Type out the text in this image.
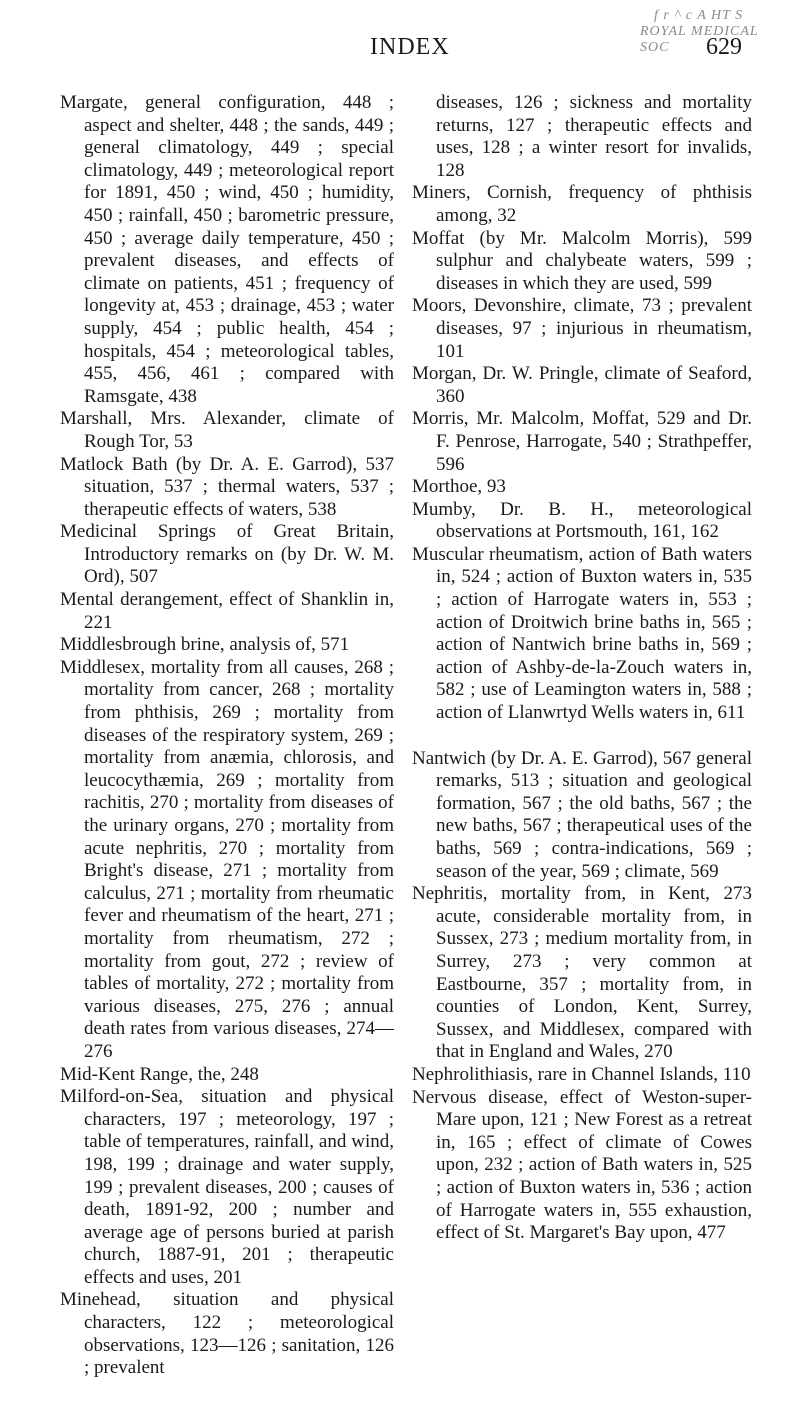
f r ^ c A HT S
ROYAL MEDICAL SOC
INDEX	629

Margate, general configuration, 448 ; aspect and shelter, 448 ; the sands, 449 ; general climatology, 449 ; special climatology, 449 ; meteorological report for 1891, 450 ; wind, 450 ; humidity, 450 ; rainfall, 450 ; barometric pressure, 450 ; average daily temperature, 450 ; prevalent diseases, and effects of climate on patients, 451 ; frequency of longevity at, 453 ; drainage, 453 ; water supply, 454 ; public health, 454 ; hospitals, 454 ; meteorological tables, 455, 456, 461 ; compared with Ramsgate, 438

Marshall, Mrs. Alexander, climate of Rough Tor, 53

Matlock Bath (by Dr. A. E. Garrod), 537 situation, 537 ; thermal waters, 537 ; therapeutic effects of waters, 538

Medicinal Springs of Great Britain, Introductory remarks on (by Dr. W. M. Ord), 507

Mental derangement, effect of Shanklin in, 221

Middlesbrough brine, analysis of, 571

Middlesex, mortality from all causes, 268 ; mortality from cancer, 268 ; mortality from phthisis, 269 ; mortality from diseases of the respiratory system, 269 ; mortality from anæmia, chlorosis, and leucocythæmia, 269 ; mortality from rachitis, 270 ; mortality from diseases of the urinary organs, 270 ; mortality from acute nephritis, 270 ; mortality from Bright's disease, 271 ; mortality from calculus, 271 ; mortality from rheumatic fever and rheumatism of the heart, 271 ; mortality from rheumatism, 272 ; mortality from gout, 272 ; review of tables of mortality, 272 ; mortality from various diseases, 275, 276 ; annual death rates from various diseases, 274—276

Mid-Kent Range, the, 248

Milford-on-Sea, situation and physical characters, 197 ; meteorology, 197 ; table of temperatures, rainfall, and wind, 198, 199 ; drainage and water supply, 199 ; prevalent diseases, 200 ; causes of death, 1891-92, 200 ; number and average age of persons buried at parish church, 1887-91, 201 ; therapeutic effects and uses, 201

Minehead, situation and physical characters, 122 ; meteorological observations, 123—126 ; sanitation, 126 ; prevalent

diseases, 126 ; sickness and mortality returns, 127 ; therapeutic effects and uses, 128 ; a winter resort for invalids, 128

Miners, Cornish, frequency of phthisis among, 32

Moffat (by Mr. Malcolm Morris), 599 sulphur and chalybeate waters, 599 ; diseases in which they are used, 599

Moors, Devonshire, climate, 73 ; prevalent diseases, 97 ; injurious in rheumatism, 101

Morgan, Dr. W. Pringle, climate of Seaford, 360

Morris, Mr. Malcolm, Moffat, 529 and Dr. F. Penrose, Harrogate, 540 ; Strathpeffer, 596

Morthoe, 93

Mumby, Dr. B. H., meteorological observations at Portsmouth, 161, 162

Muscular rheumatism, action of Bath waters in, 524 ; action of Buxton waters in, 535 ; action of Harrogate waters in, 553 ; action of Droitwich brine baths in, 565 ; action of Nantwich brine baths in, 569 ; action of Ashby-de-la-Zouch waters in, 582 ; use of Leamington waters in, 588 ; action of Llanwrtyd Wells waters in, 611

Nantwich (by Dr. A. E. Garrod), 567 general remarks, 513 ; situation and geological formation, 567 ; the old baths, 567 ; the new baths, 567 ; therapeutical uses of the baths, 569 ; contra-indications, 569 ; season of the year, 569 ; climate, 569

Nephritis, mortality from, in Kent, 273 acute, considerable mortality from, in Sussex, 273 ; medium mortality from, in Surrey, 273 ; very common at Eastbourne, 357 ; mortality from, in counties of London, Kent, Surrey, Sussex, and Middlesex, compared with that in England and Wales, 270

Nephrolithiasis, rare in Channel Islands, 110

Nervous disease, effect of Weston-super-Mare upon, 121 ; New Forest as a retreat in, 165 ; effect of climate of Cowes upon, 232 ; action of Bath waters in, 525 ; action of Buxton waters in, 536 ; action of Harrogate waters in, 555 exhaustion, effect of St. Margaret's Bay upon, 477
